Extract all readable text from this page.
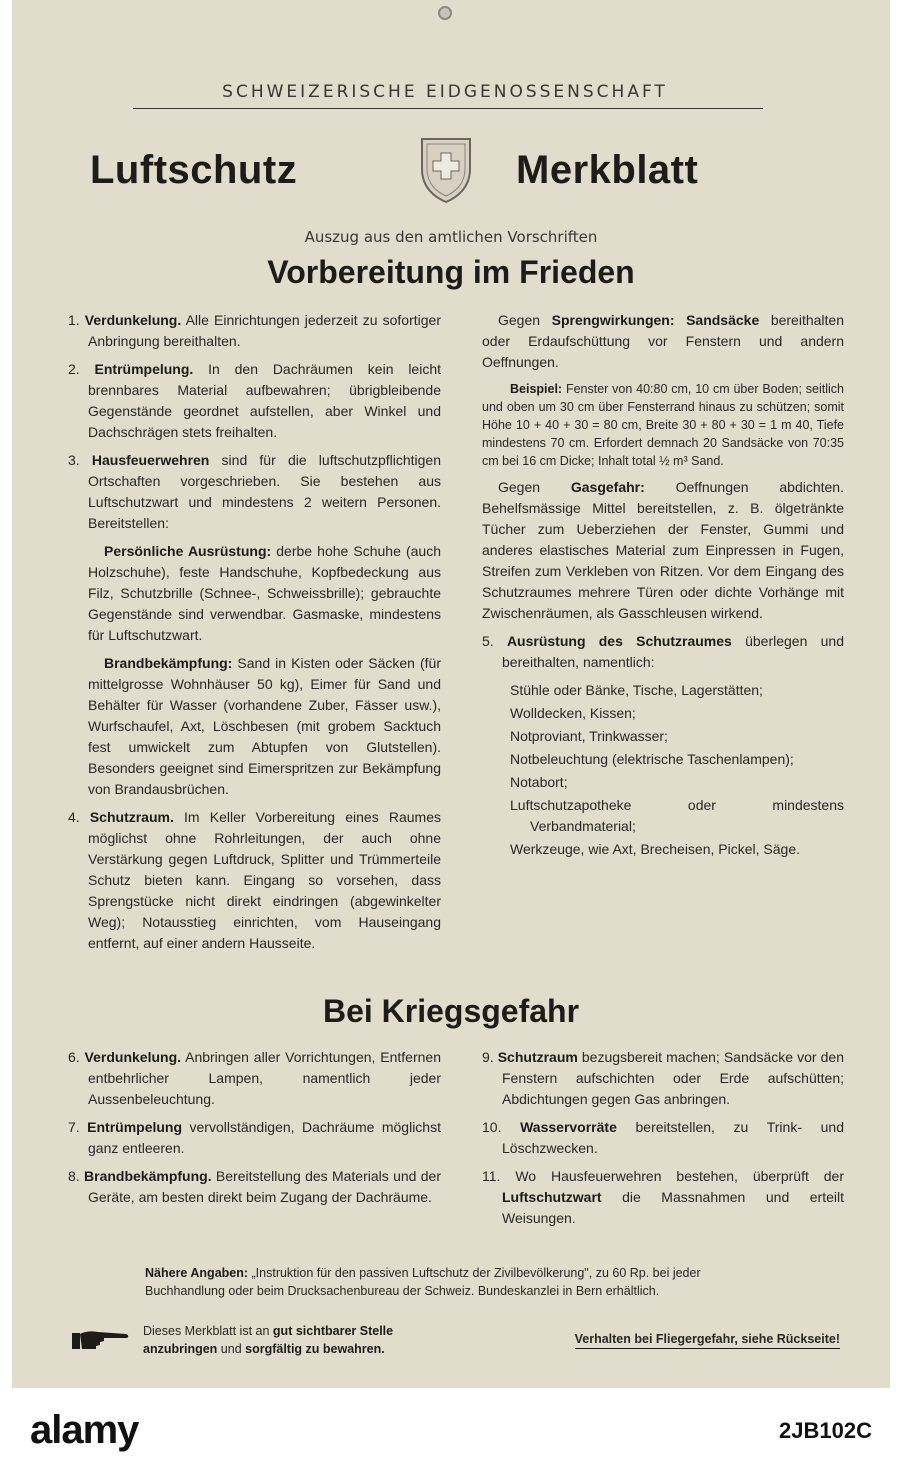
SCHWEIZERISCHE EIDGENOSSENSCHAFT
Luftschutz	Merkblatt
Auszug aus den amtlichen Vorschriften
Vorbereitung im Frieden

1. Verdunkelung. Alle Einrichtungen jederzeit zu sofortiger Anbringung bereithalten.

2. Entrümpelung. In den Dachräumen kein leicht brennbares Material aufbewahren; übrigbleibende Gegenstände geordnet aufstellen, aber Winkel und Dachschrägen stets freihalten.

3. Hausfeuerwehren sind für die luftschutzpflichtigen Ortschaften vorgeschrieben. Sie bestehen aus Luftschutzwart und mindestens 2 weitern Personen. Bereitstellen:

Persönliche Ausrüstung: derbe hohe Schuhe (auch Holzschuhe), feste Handschuhe, Kopfbedeckung aus Filz, Schutzbrille (Schnee-, Schweissbrille); gebrauchte Gegenstände sind verwendbar. Gasmaske, mindestens für Luftschutzwart.

Brandbekämpfung: Sand in Kisten oder Säcken (für mittelgrosse Wohnhäuser 50 kg), Eimer für Sand und Behälter für Wasser (vorhandene Zuber, Fässer usw.), Wurfschaufel, Axt, Löschbesen (mit grobem Sacktuch fest umwickelt zum Abtupfen von Glutstellen). Besonders geeignet sind Eimerspritzen zur Bekämpfung von Brandausbrüchen.

4. Schutzraum. Im Keller Vorbereitung eines Raumes möglichst ohne Rohrleitungen, der auch ohne Verstärkung gegen Luftdruck, Splitter und Trümmerteile Schutz bieten kann. Eingang so vorsehen, dass Sprengstücke nicht direkt eindringen (abgewinkelter Weg); Notausstieg einrichten, vom Hauseingang entfernt, auf einer andern Hausseite.

Gegen Sprengwirkungen: Sandsäcke bereithalten oder Erdaufschüttung vor Fenstern und andern Oeffnungen.

Beispiel: Fenster von 40:80 cm, 10 cm über Boden; seitlich und oben um 30 cm über Fensterrand hinaus zu schützen; somit Höhe 10 + 40 + 30 = 80 cm, Breite 30 + 80 + 30 = 1 m 40, Tiefe mindestens 70 cm. Erfordert demnach 20 Sandsäcke von 70:35 cm bei 16 cm Dicke; Inhalt total ½ m³ Sand.

Gegen Gasgefahr: Oeffnungen abdichten. Behelfsmässige Mittel bereitstellen, z. B. ölgetränkte Tücher zum Ueberziehen der Fenster, Gummi und anderes elastisches Material zum Einpressen in Fugen, Streifen zum Verkleben von Ritzen. Vor dem Eingang des Schutzraumes mehrere Türen oder dichte Vorhänge mit Zwischenräumen, als Gasschleusen wirkend.

5. Ausrüstung des Schutzraumes überlegen und bereithalten, namentlich:

Stühle oder Bänke, Tische, Lagerstätten;

Wolldecken, Kissen;

Notproviant, Trinkwasser;

Notbeleuchtung (elektrische Taschenlampen);

Notabort;

Luftschutzapotheke oder mindestens Verbandmaterial;

Werkzeuge, wie Axt, Brecheisen, Pickel, Säge.

Bei Kriegsgefahr

6. Verdunkelung. Anbringen aller Vorrichtungen, Entfernen entbehrlicher Lampen, namentlich jeder Aussenbeleuchtung.

7. Entrümpelung vervollständigen, Dachräume möglichst ganz entleeren.

8. Brandbekämpfung. Bereitstellung des Materials und der Geräte, am besten direkt beim Zugang der Dachräume.

9. Schutzraum bezugsbereit machen; Sandsäcke vor den Fenstern aufschichten oder Erde aufschütten; Abdichtungen gegen Gas anbringen.

10. Wasservorräte bereitstellen, zu Trink- und Löschzwecken.

11. Wo Hausfeuerwehren bestehen, überprüft der Luftschutzwart die Massnahmen und erteilt Weisungen.

Nähere Angaben: „Instruktion für den passiven Luftschutz der Zivilbevölkerung", zu 60 Rp. bei jeder Buchhandlung oder beim Drucksachenbureau der Schweiz. Bundeskanzlei in Bern erhältlich.
Dieses Merkblatt ist an gut sichtbarer Stelle
anzubringen und sorgfältig zu bewahren.
Verhalten bei Fliegergefahr, siehe Rückseite!
alamy	2JB102C
